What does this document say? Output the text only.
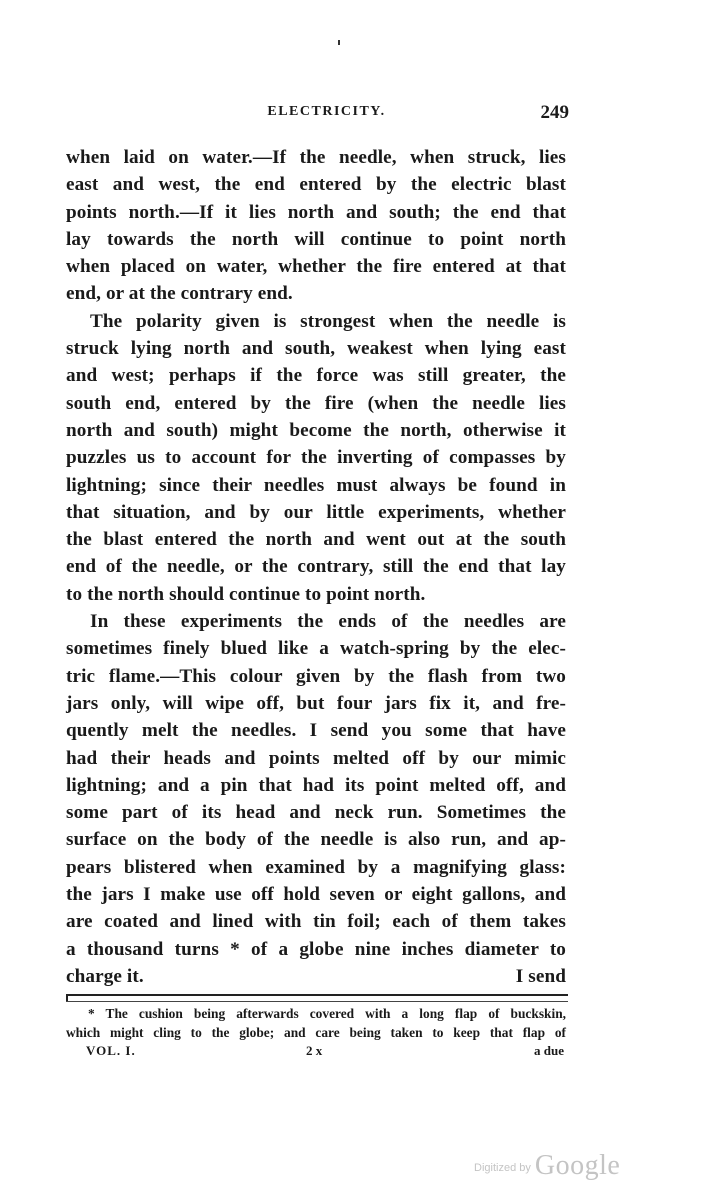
ELECTRICITY.	249
when laid on water.—If the needle, when struck, lies
east and west, the end entered by the electric blast
points north.—If it lies north and south; the end that
lay towards the north will continue to point north
when placed on water, whether the fire entered at that
end, or at the contrary end.
The polarity given is strongest when the needle is
struck lying north and south, weakest when lying east
and west; perhaps if the force was still greater, the
south end, entered by the fire (when the needle lies
north and south) might become the north, otherwise it
puzzles us to account for the inverting of compasses by
lightning; since their needles must always be found in
that situation, and by our little experiments, whether
the blast entered the north and went out at the south
end of the needle, or the contrary, still the end that lay
to the north should continue to point north.
In these experiments the ends of the needles are
sometimes finely blued like a watch-spring by the elec-
tric flame.—This colour given by the flash from two
jars only, will wipe off, but four jars fix it, and fre-
quently melt the needles. I send you some that have
had their heads and points melted off by our mimic
lightning; and a pin that had its point melted off, and
some part of its head and neck run. Sometimes the
surface on the body of the needle is also run, and ap-
pears blistered when examined by a magnifying glass:
the jars I make use off hold seven or eight gallons, and
are coated and lined with tin foil; each of them takes
a thousand turns * of a globe nine inches diameter to
charge it.	I send
* The cushion being afterwards covered with a long flap of buckskin,
which might cling to the globe; and care being taken to keep that flap of
VOL. I.	2 x	a due
Digitized by Google
